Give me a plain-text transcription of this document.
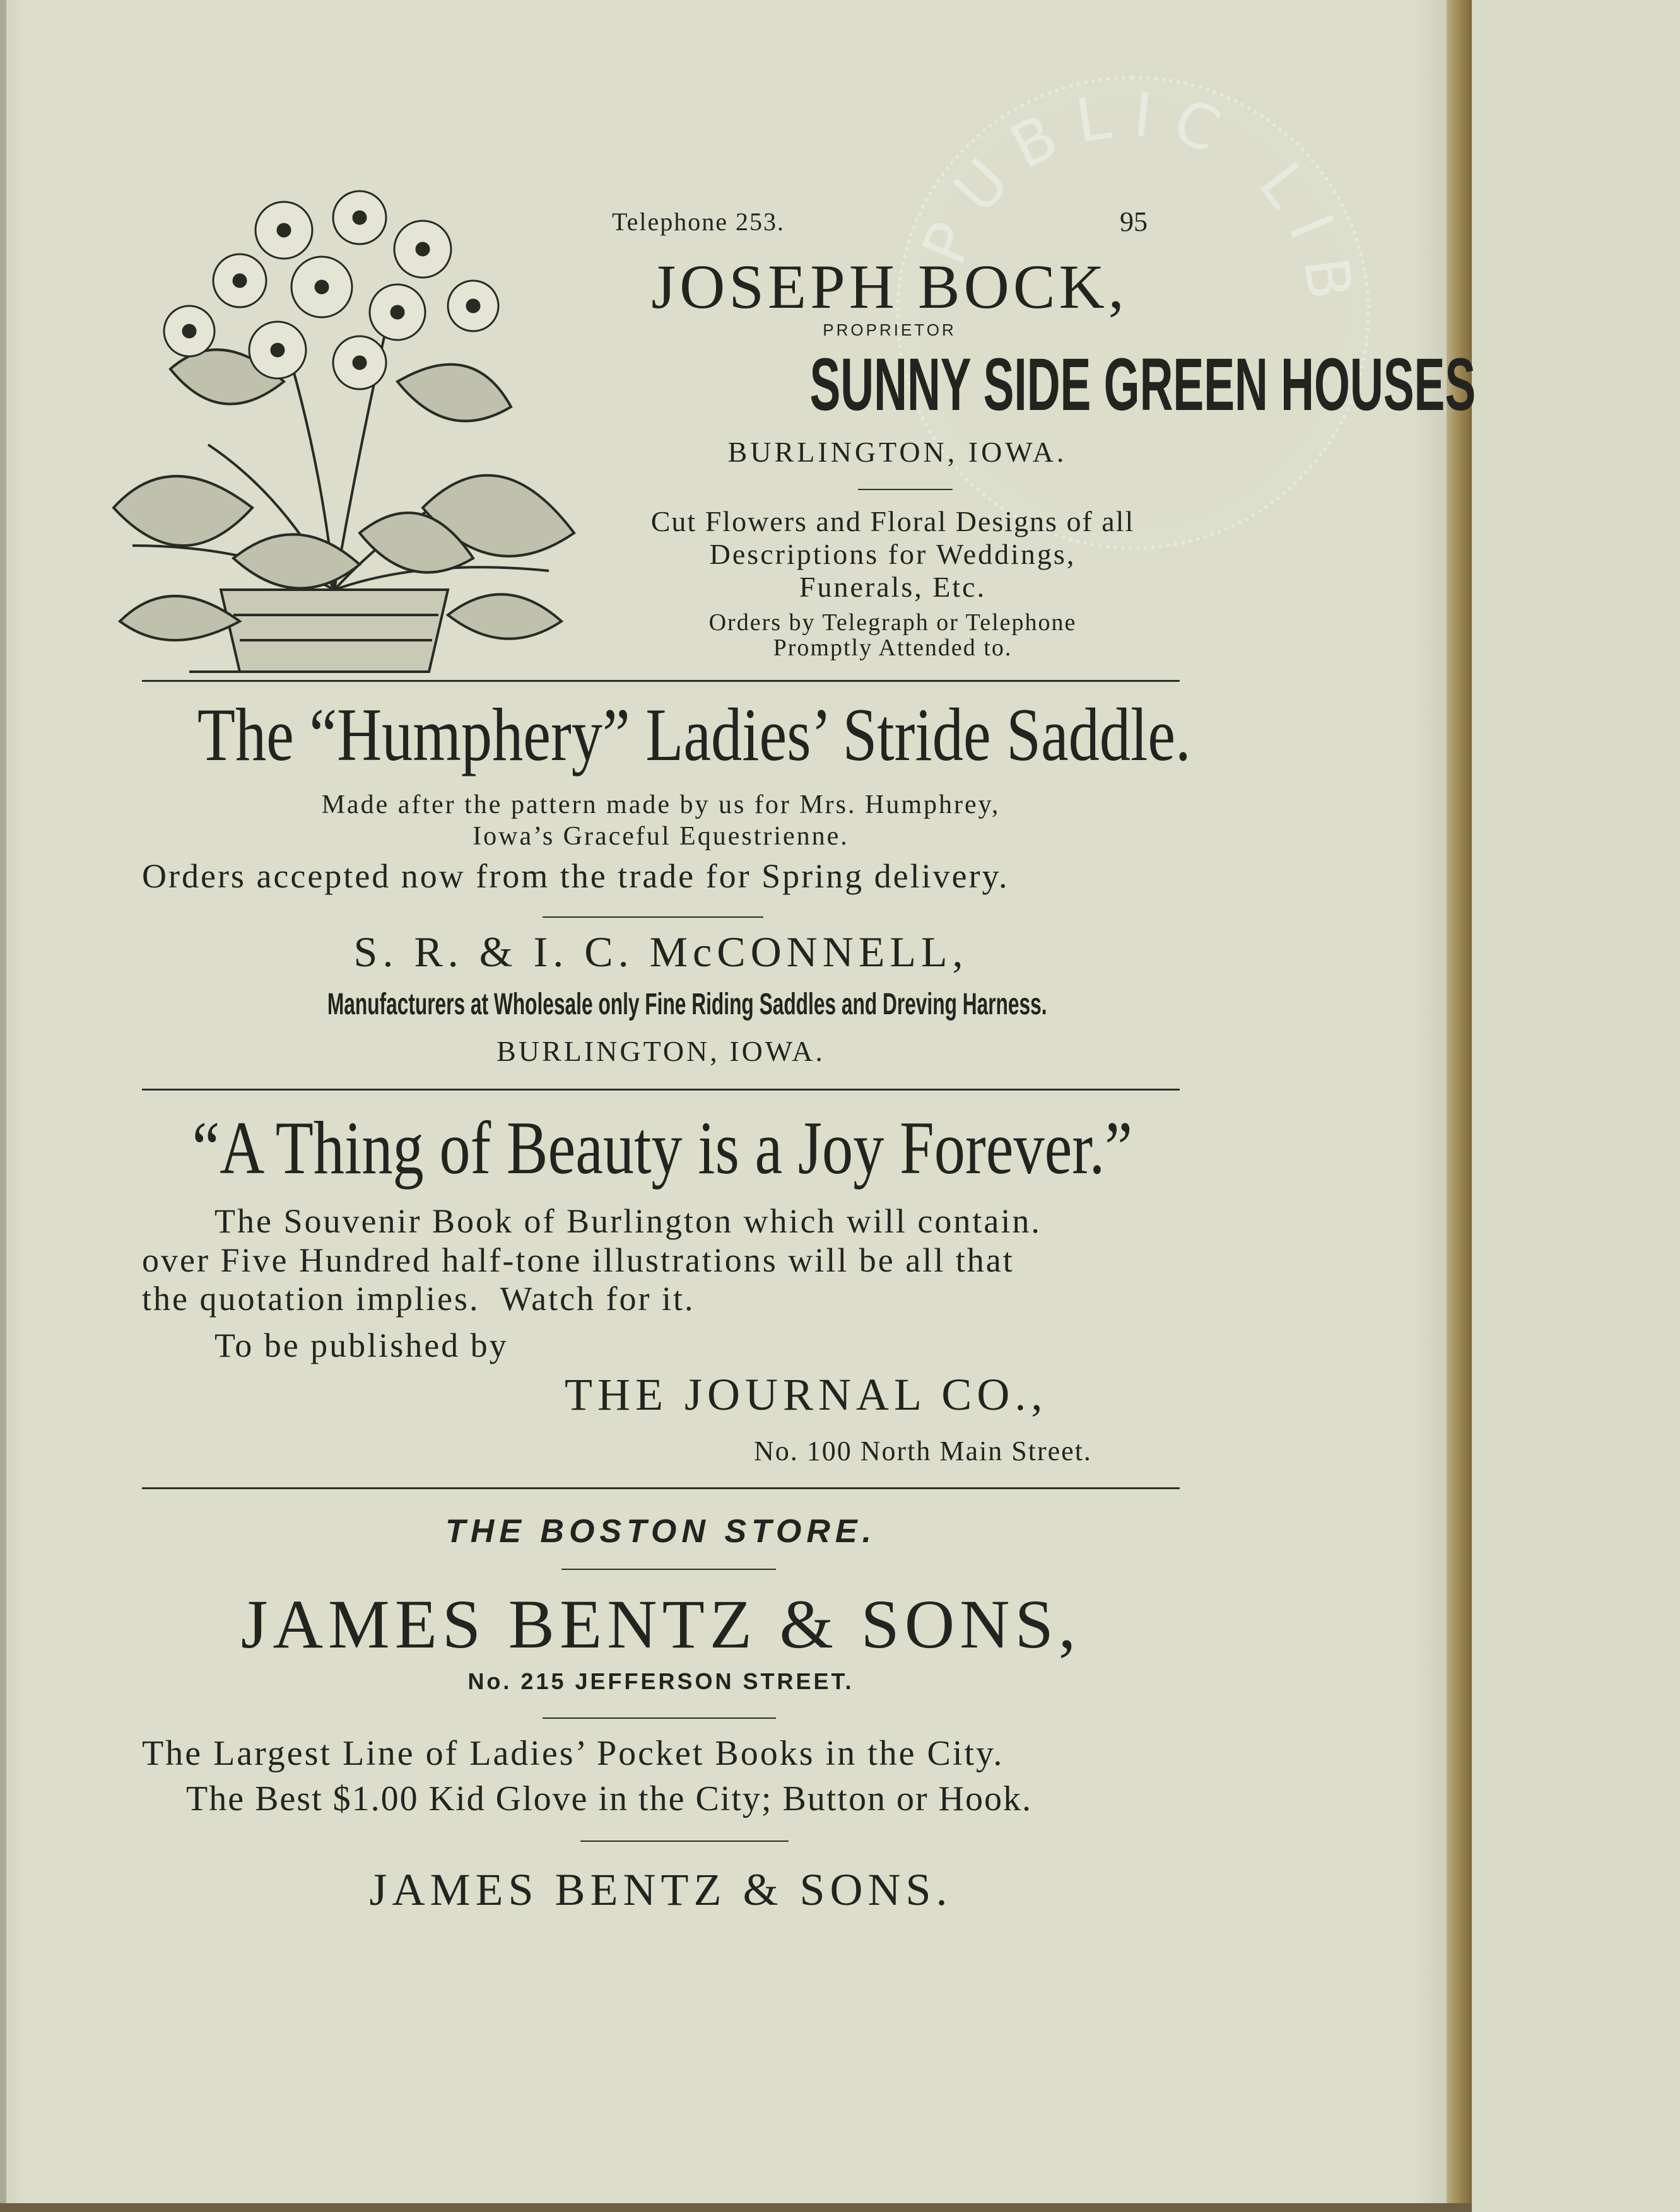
PUBLIC LIB
Telephone 253.	95
JOSEPH BOCK,
PROPRIETOR
SUNNY SIDE GREEN HOUSES
BURLINGTON, IOWA.
Cut Flowers and Floral Designs of all
Descriptions for Weddings,
Funerals, Etc.
Orders by Telegraph or Telephone
Promptly Attended to.
The “Humphery” Ladies’ Stride Saddle.
Made after the pattern made by us for Mrs. Humphrey,
Iowa’s Graceful Equestrienne.
Orders accepted now from the trade for Spring delivery.
S. R. & I. C. McCONNELL,
Manufacturers at Wholesale only Fine Riding Saddles and Dreving Harness.
BURLINGTON, IOWA.
“A Thing of Beauty is a Joy Forever.”
The Souvenir Book of Burlington which will contain.
over Five Hundred half-tone illustrations will be all that
the quotation implies.  Watch for it.
To be published by
THE JOURNAL CO.,
No. 100 North Main Street.
THE BOSTON STORE.
JAMES BENTZ & SONS,
No. 215 JEFFERSON STREET.
The Largest Line of Ladies’ Pocket Books in the City.
The Best $1.00 Kid Glove in the City; Button or Hook.
JAMES BENTZ & SONS.
